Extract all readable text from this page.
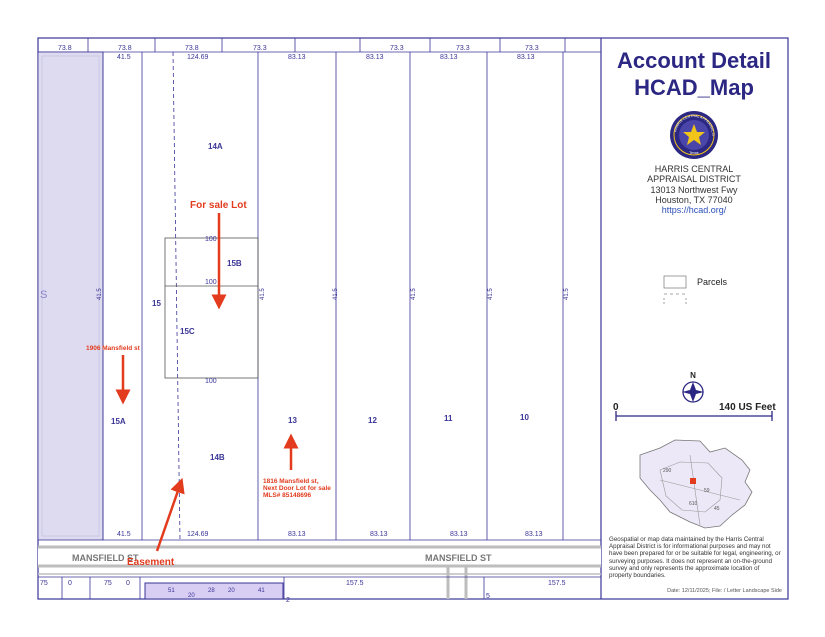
73.8	73.8	73.8	73.3	73.3	73.3	73.3
41.5	124.69	83.13	83.13	83.13	83.13
41.5	124.69	83.13	83.13	83.13	83.13
100
100
100
S	41.5	41.5	41.5	41.5	41.5	41.5
14A
15B
15C
15
15A
14B
13	12	11	10
MANSFIELD ST	MANSFIELD ST
75	0	75 0	157.5	157.5
5
2
51
20
28 20	41
For sale Lot
1906 Mansfield st
1816 Mansfield st,
Next Door Lot for sale
MLS# 85148696
Easement
HARRIS CENTRAL APPRAISAL D
Texas
N
290
610
59
45
Account Detail
HCAD_Map
HARRIS CENTRAL
APPRAISAL DISTRICT
13013 Northwest Fwy
Houston, TX 77040
https://hcad.org/
Parcels
0	140 US Feet
Geospatial or map data maintained by the Harris Central Appraisal District is for informational purposes and may not have been prepared for or be suitable for legal, engineering, or surveying purposes. It does not represent an on-the-ground survey and only represents the approximate location of property boundaries.
Date: 12/11/2025; File: / Letter Landscape Side
